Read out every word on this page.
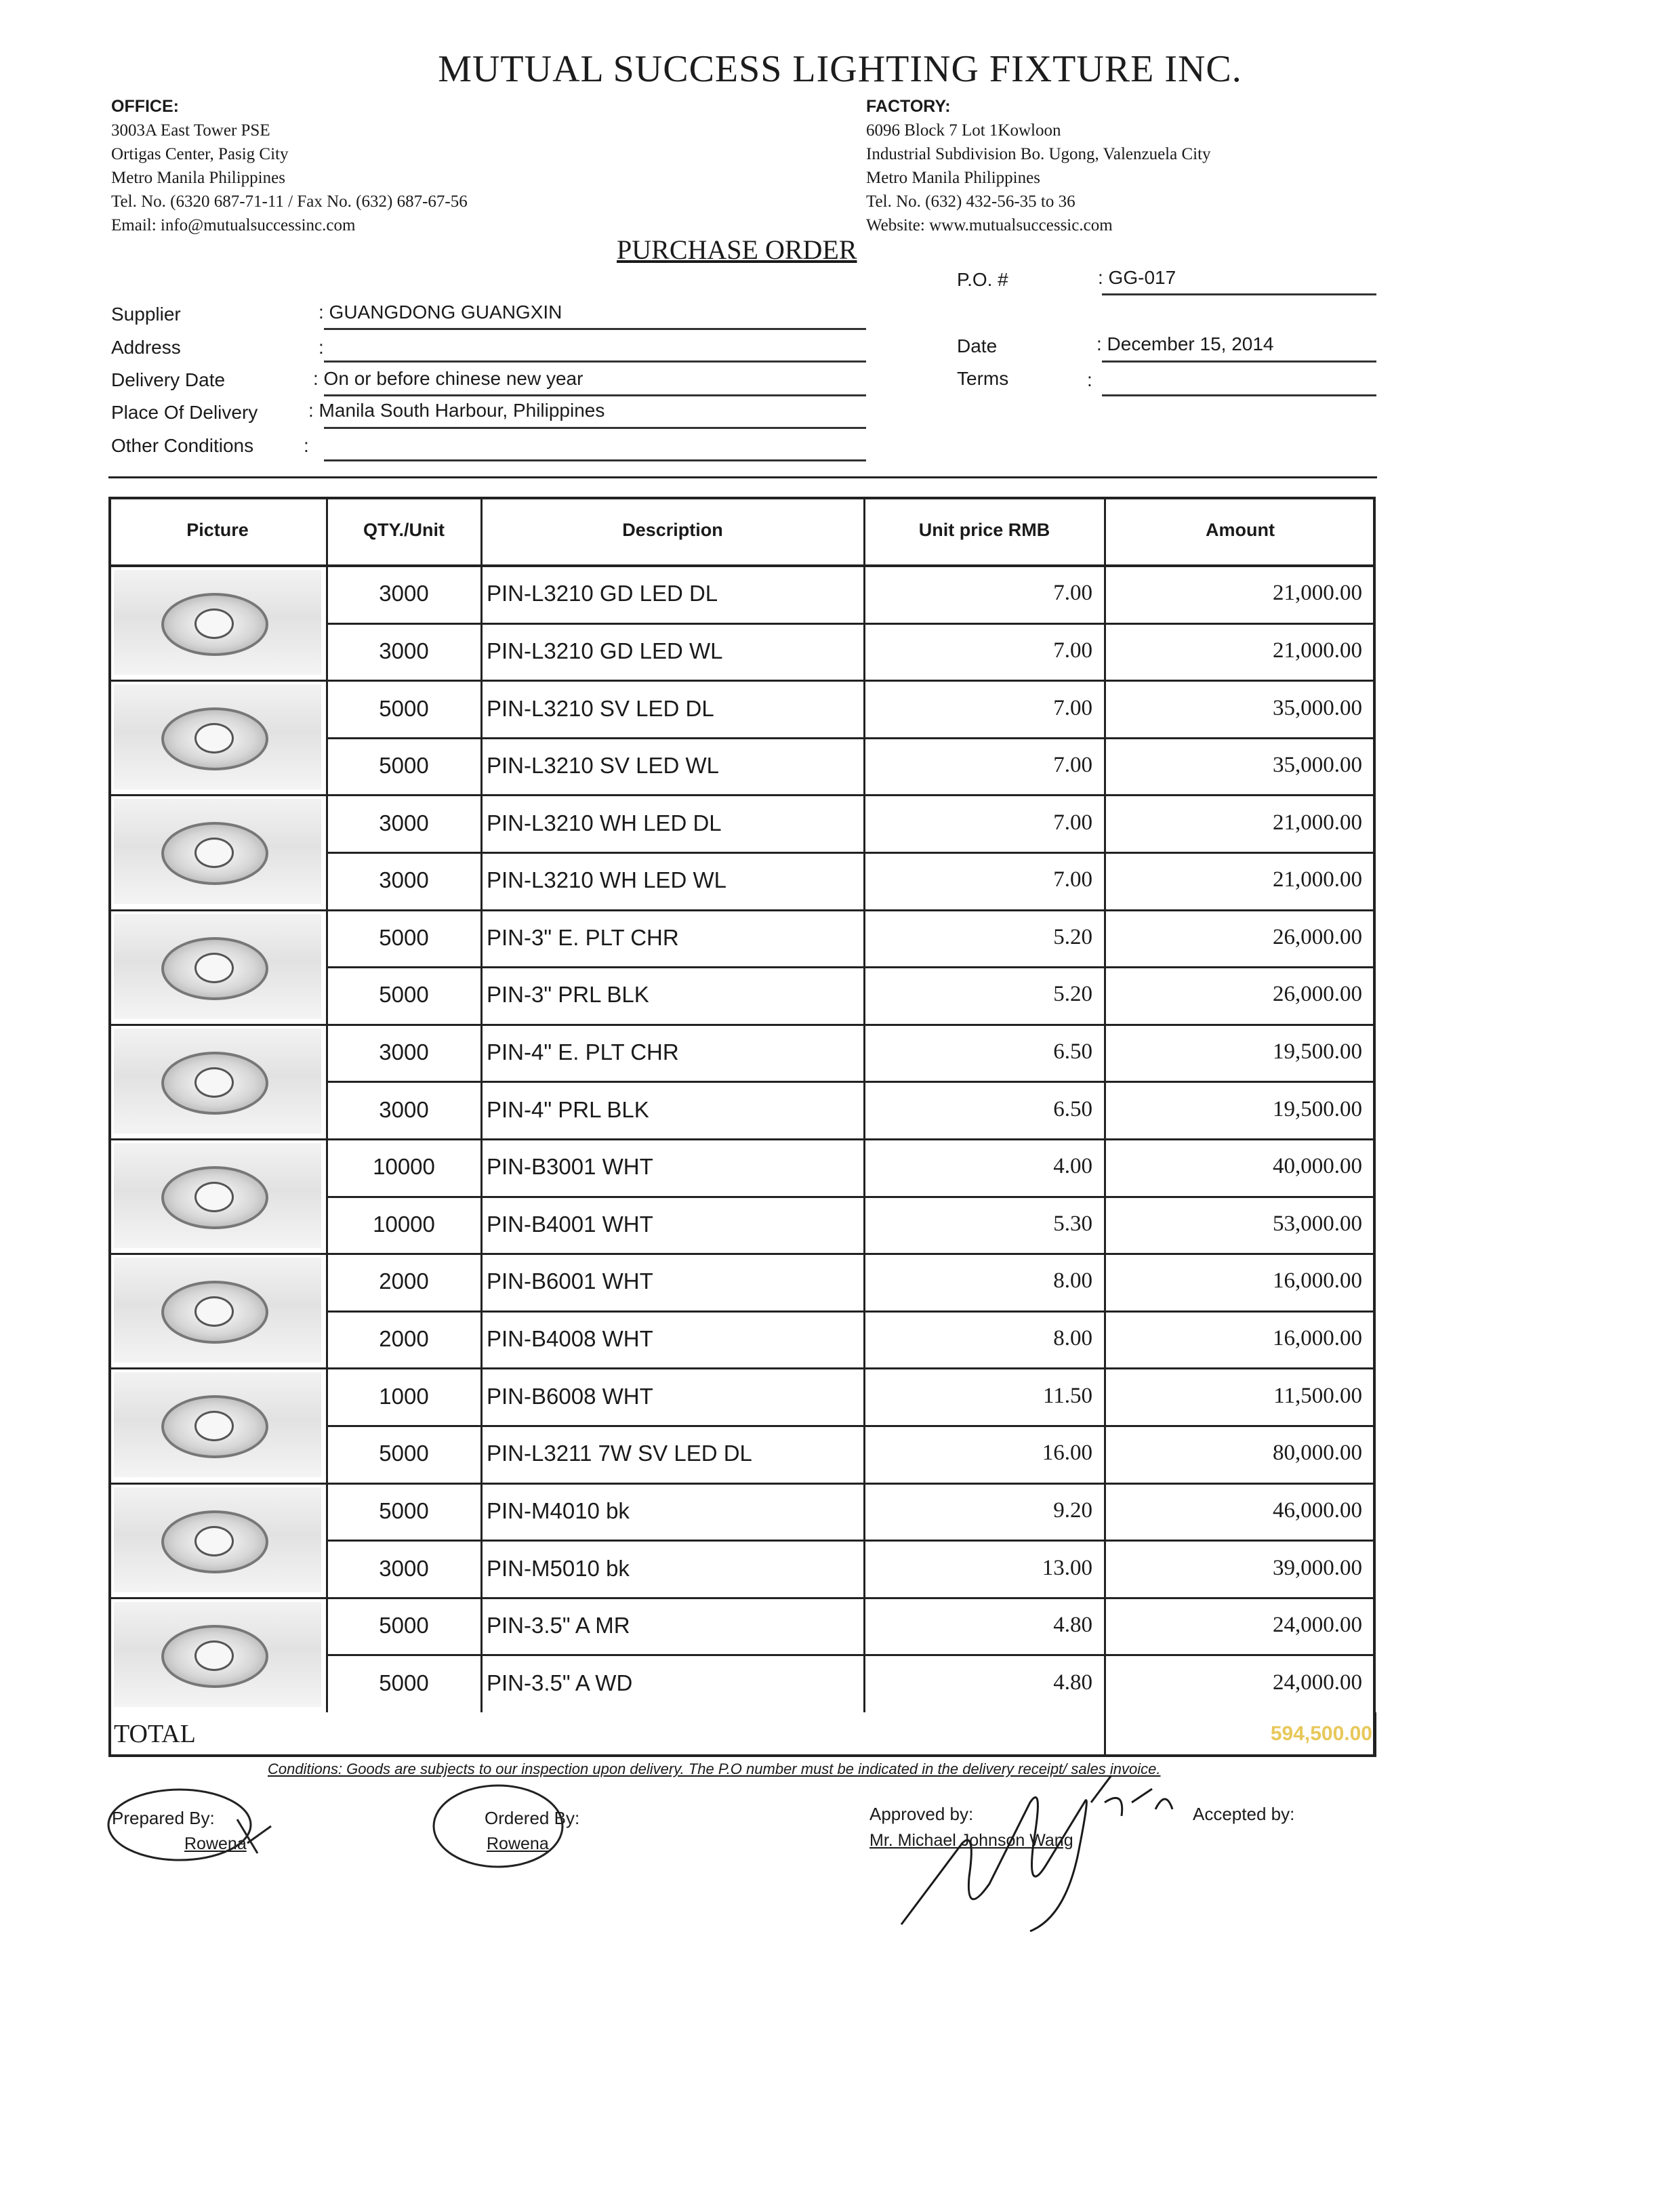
MUTUAL SUCCESS LIGHTING FIXTURE INC.
OFFICE:
3003A East Tower PSE
Ortigas Center, Pasig City
Metro Manila Philippines
Tel. No. (6320 687-71-11 / Fax No. (632) 687-67-56
Email: info@mutualsuccessinc.com
FACTORY:
6096 Block 7 Lot 1Kowloon
Industrial Subdivision Bo. Ugong, Valenzuela City
Metro Manila Philippines
Tel. No. (632) 432-56-35 to 36
Website: www.mutualsuccessic.com
PURCHASE ORDER
Supplier	: GUANGDONG GUANGXIN
Address	:
Delivery Date	: On or before chinese new year
Place Of Delivery	: Manila South Harbour, Philippines
Other Conditions	:
P.O. #	: GG-017
Date	: December 15, 2014
Terms	:
Picture	QTY./Unit	Description	Unit price RMB	Amount
3000	PIN-L3210 GD LED DL	7.00	21,000.00
3000	PIN-L3210 GD LED WL	7.00	21,000.00
5000	PIN-L3210 SV LED DL	7.00	35,000.00
5000	PIN-L3210 SV LED WL	7.00	35,000.00
3000	PIN-L3210 WH LED DL	7.00	21,000.00
3000	PIN-L3210 WH LED WL	7.00	21,000.00
5000	PIN-3" E. PLT CHR	5.20	26,000.00
5000	PIN-3" PRL BLK	5.20	26,000.00
3000	PIN-4" E. PLT CHR	6.50	19,500.00
3000	PIN-4" PRL BLK	6.50	19,500.00
10000	PIN-B3001 WHT	4.00	40,000.00
10000	PIN-B4001 WHT	5.30	53,000.00
2000	PIN-B6001 WHT	8.00	16,000.00
2000	PIN-B4008 WHT	8.00	16,000.00
1000	PIN-B6008 WHT	11.50	11,500.00
5000	PIN-L3211 7W SV LED DL	16.00	80,000.00
5000	PIN-M4010 bk	9.20	46,000.00
3000	PIN-M5010 bk	13.00	39,000.00
5000	PIN-3.5" A MR	4.80	24,000.00
5000	PIN-3.5" A WD	4.80	24,000.00
TOTAL	594,500.00
Conditions: Goods are subjects to our inspection upon delivery. The P.O number must be indicated in the delivery receipt/ sales invoice.
Prepared By:
Rowena
Ordered By:
Rowena
Approved by:
Mr. Michael Johnson Wang
Accepted by:
